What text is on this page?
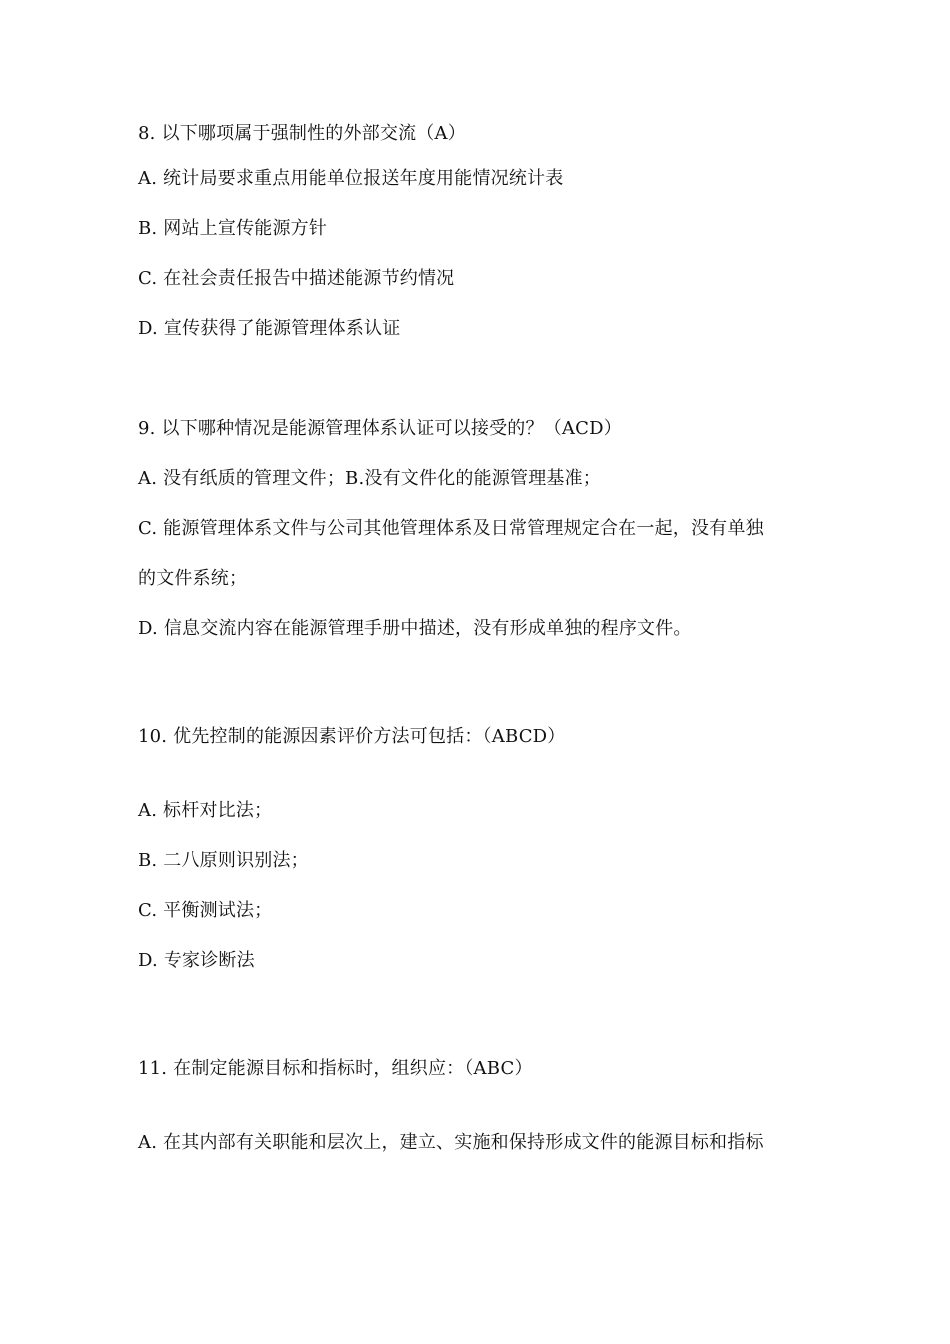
8. 以下哪项属于强制性的外部交流（A）
A. 统计局要求重点用能单位报送年度用能情况统计表
B. 网站上宣传能源方针
C. 在社会责任报告中描述能源节约情况
D. 宣传获得了能源管理体系认证
9. 以下哪种情况是能源管理体系认证可以接受的？（ACD）
A. 没有纸质的管理文件；B.没有文件化的能源管理基准；
C. 能源管理体系文件与公司其他管理体系及日常管理规定合在一起，没有单独
的文件系统；
D. 信息交流内容在能源管理手册中描述，没有形成单独的程序文件。
10. 优先控制的能源因素评价方法可包括：（ABCD）
A. 标杆对比法；
B. 二八原则识别法；
C. 平衡测试法；
D. 专家诊断法
11. 在制定能源目标和指标时，组织应：（ABC）
A. 在其内部有关职能和层次上，建立、实施和保持形成文件的能源目标和指标
